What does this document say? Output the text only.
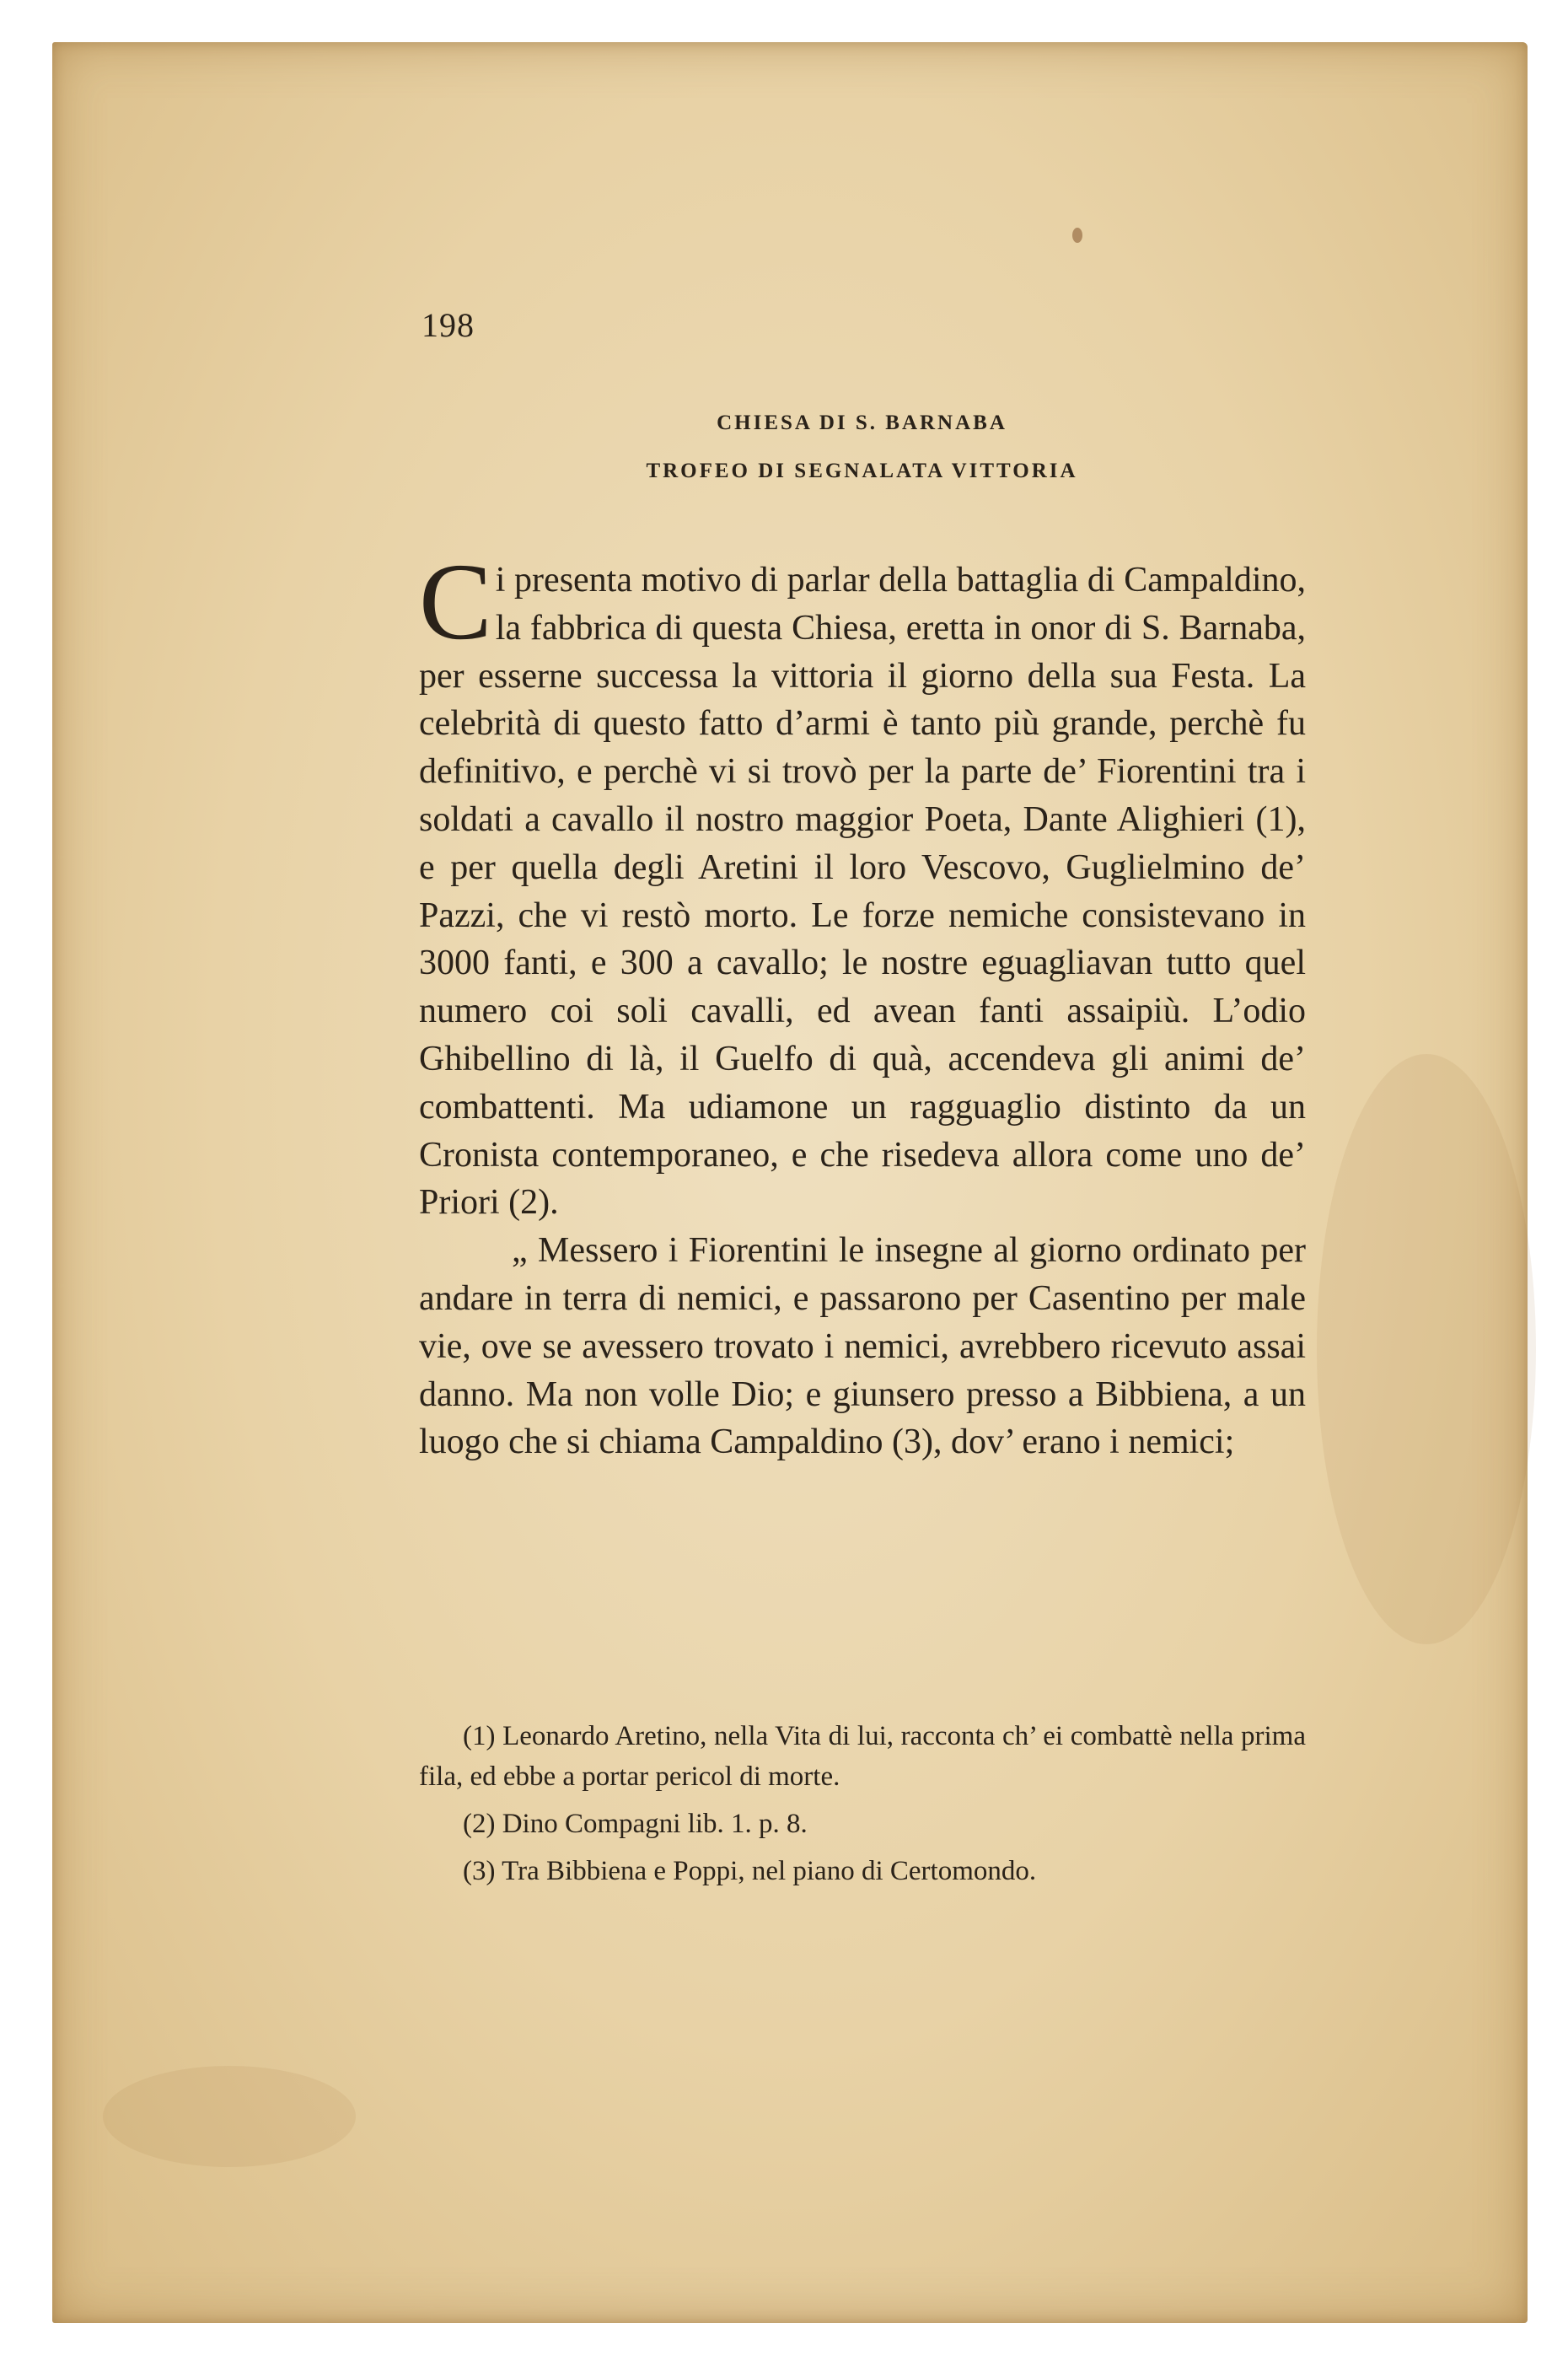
198
CHIESA DI S. BARNABA
TROFEO DI SEGNALATA VITTORIA

Ci presenta motivo di parlar della battaglia di Campaldino, la fabbrica di questa Chiesa, eretta in onor di S. Barnaba, per esserne successa la vittoria il giorno della sua Festa. La celebrità di questo fatto d’armi è tanto più grande, perchè fu definitivo, e perchè vi si trovò per la parte de’ Fiorentini tra i soldati a cavallo il nostro maggior Poeta, Dante Alighieri (1), e per quella degli Aretini il loro Vescovo, Guglielmino de’ Pazzi, che vi restò morto. Le forze nemiche consistevano in 3000 fanti, e 300 a cavallo; le nostre eguagliavan tutto quel numero coi soli cavalli, ed avean fanti assaipiù. L’odio Ghibellino di là, il Guelfo di quà, accendeva gli animi de’ combattenti. Ma udiamone un ragguaglio distinto da un Cronista contemporaneo, e che risedeva allora come uno de’ Priori (2).

„ Messero i Fiorentini le insegne al giorno ordinato per andare in terra di nemici, e passarono per Casentino per male vie, ove se avessero trovato i nemici, avrebbero ricevuto assai danno. Ma non volle Dio; e giunsero presso a Bibbiena, a un luogo che si chiama Campaldino (3), dov’ erano i nemici;

(1) Leonardo Aretino, nella Vita di lui, racconta ch’ ei combattè nella prima fila, ed ebbe a portar pericol di morte.
(2) Dino Compagni lib. 1. p. 8.
(3) Tra Bibbiena e Poppi, nel piano di Certomondo.
